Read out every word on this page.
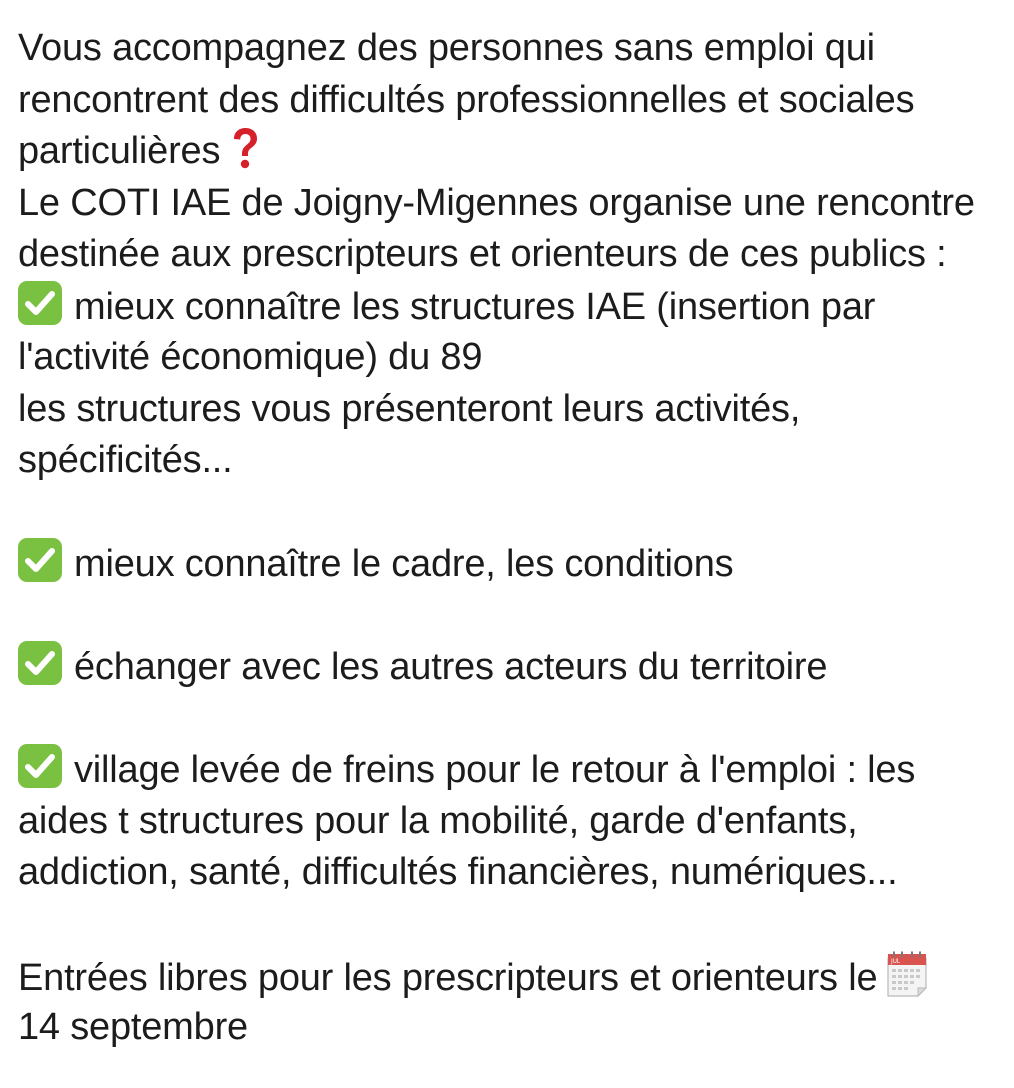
Vous accompagnez des personnes sans emploi qui
rencontrent des difficultés professionnelles et sociales
particulières
Le COTI IAE de Joigny-Migennes organise une rencontre
destinée aux prescripteurs et orienteurs de ces publics :
mieux connaître les structures IAE (insertion par
l'activité économique) du 89
les structures vous présenteront leurs activités,
spécificités...
mieux connaître le cadre, les conditions
échanger avec les autres acteurs du territoire
village levée de freins pour le retour à l'emploi : les
aides t structures pour la mobilité, garde d'enfants,
addiction, santé, difficultés financières, numériques...
Entrées libres pour les prescripteurs et orienteurs le JUL
14 septembre
